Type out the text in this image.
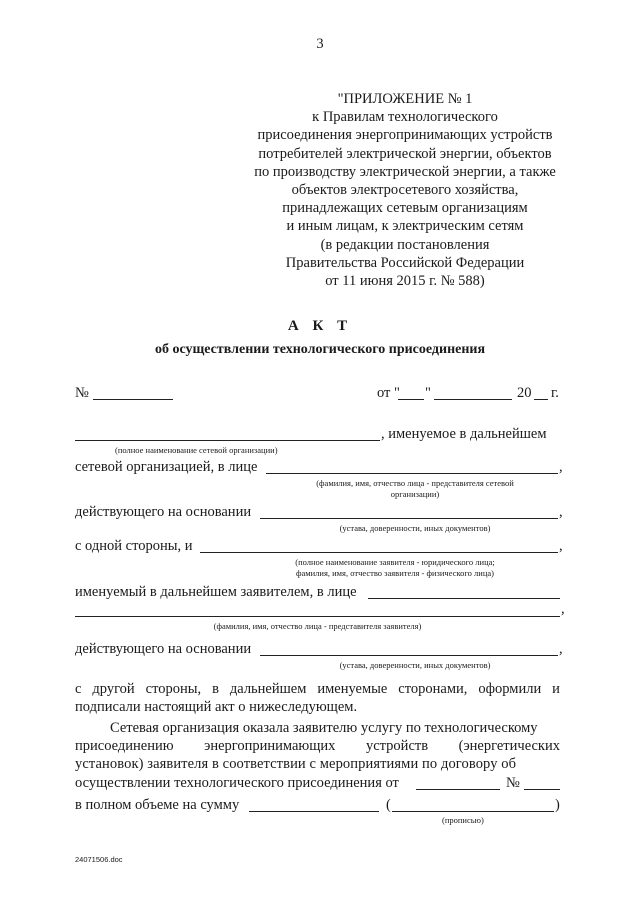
3
"ПРИЛОЖЕНИЕ № 1
к Правилам технологического
присоединения энергопринимающих устройств
потребителей электрической энергии, объектов
по производству электрической энергии, а также
объектов электросетевого хозяйства,
принадлежащих сетевым организациям
и иным лицам, к электрическим сетям
(в редакции постановления
Правительства Российской Федерации
от 11 июня 2015 г. № 588)
А К Т
об осуществлении технологического присоединения
№	от " "	20 г.
, именуемое в дальнейшем
(полное наименование сетевой организации)
сетевой организацией, в лице	,
(фамилия, имя, отчество лица - представителя сетевой
организации)
действующего на основании	,
(устава, доверенности, иных документов)
с одной стороны, и	,
(полное наименование заявителя - юридического лица;
фамилия, имя, отчество заявителя - физического лица)
именуемый в дальнейшем заявителем, в лице
,
(фамилия, имя, отчество лица - представителя заявителя)
действующего на основании	,
(устава, доверенности, иных документов)
с другой стороны, в дальнейшем именуемые сторонами, оформили и
подписали настоящий акт о нижеследующем.
Сетевая организация оказала заявителю услугу по технологическому
присоединению энергопринимающих устройств (энергетических
установок) заявителя в соответствии с мероприятиями по договору об
осуществлении технологического присоединения от	№
в полном объеме на сумму	(	)
(прописью)
24071506.doc
